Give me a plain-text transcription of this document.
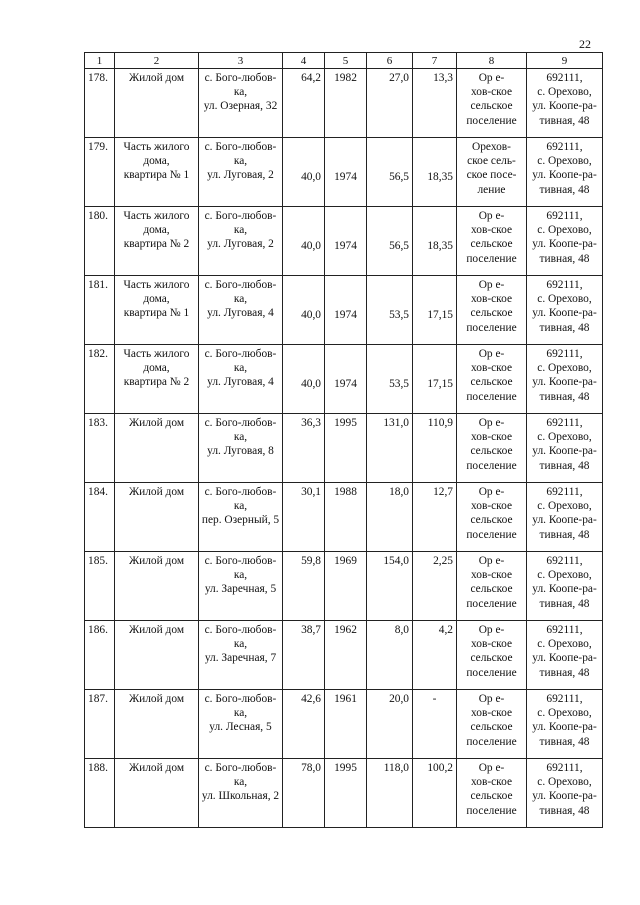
22
1	2	3	4	5	6	7	8	9
178.	Жилой дом	с. Бого-любов-
ка,
ул. Озерная, 32	64,2	1982	27,0	13,3	Ор е-
хов-ское
сельское
поселение	692111,
с. Орехово,
ул. Коопе-ра-
тивная, 48

179.	Часть жилого
дома,
квартира № 1	с. Бого-любов-
ка,
ул. Луговая, 2	40,0	1974	56,5	18,35	Орехов-
ское сель-
ское посе-
ление	692111,
с. Орехово,
ул. Коопе-ра-
тивная, 48

180.	Часть жилого
дома,
квартира № 2	с. Бого-любов-
ка,
ул. Луговая, 2	40,0	1974	56,5	18,35	Ор е-
хов-ское
сельское
поселение	692111,
с. Орехово,
ул. Коопе-ра-
тивная, 48

181.	Часть жилого
дома,
квартира № 1	с. Бого-любов-
ка,
ул. Луговая, 4	40,0	1974	53,5	17,15	Ор е-
хов-ское
сельское
поселение	692111,
с. Орехово,
ул. Коопе-ра-
тивная, 48

182.	Часть жилого
дома,
квартира № 2	с. Бого-любов-
ка,
ул. Луговая, 4	40,0	1974	53,5	17,15	Ор е-
хов-ское
сельское
поселение	692111,
с. Орехово,
ул. Коопе-ра-
тивная, 48

183.	Жилой дом	с. Бого-любов-
ка,
ул. Луговая, 8	36,3	1995	131,0	110,9	Ор е-
хов-ское
сельское
поселение	692111,
с. Орехово,
ул. Коопе-ра-
тивная, 48

184.	Жилой дом	с. Бого-любов-
ка,
пер. Озерный, 5	30,1	1988	18,0	12,7	Ор е-
хов-ское
сельское
поселение	692111,
с. Орехово,
ул. Коопе-ра-
тивная, 48

185.	Жилой дом	с. Бого-любов-
ка,
ул. Заречная, 5	59,8	1969	154,0	2,25	Ор е-
хов-ское
сельское
поселение	692111,
с. Орехово,
ул. Коопе-ра-
тивная, 48

186.	Жилой дом	с. Бого-любов-
ка,
ул. Заречная, 7	38,7	1962	8,0	4,2	Ор е-
хов-ское
сельское
поселение	692111,
с. Орехово,
ул. Коопе-ра-
тивная, 48

187.	Жилой дом	с. Бого-любов-
ка,
ул. Лесная, 5	42,6	1961	20,0	-	Ор е-
хов-ское
сельское
поселение	692111,
с. Орехово,
ул. Коопе-ра-
тивная, 48

188.	Жилой дом	с. Бого-любов-
ка,
ул. Школьная, 2	78,0	1995	118,0	100,2	Ор е-
хов-ское
сельское
поселение	692111,
с. Орехово,
ул. Коопе-ра-
тивная, 48
